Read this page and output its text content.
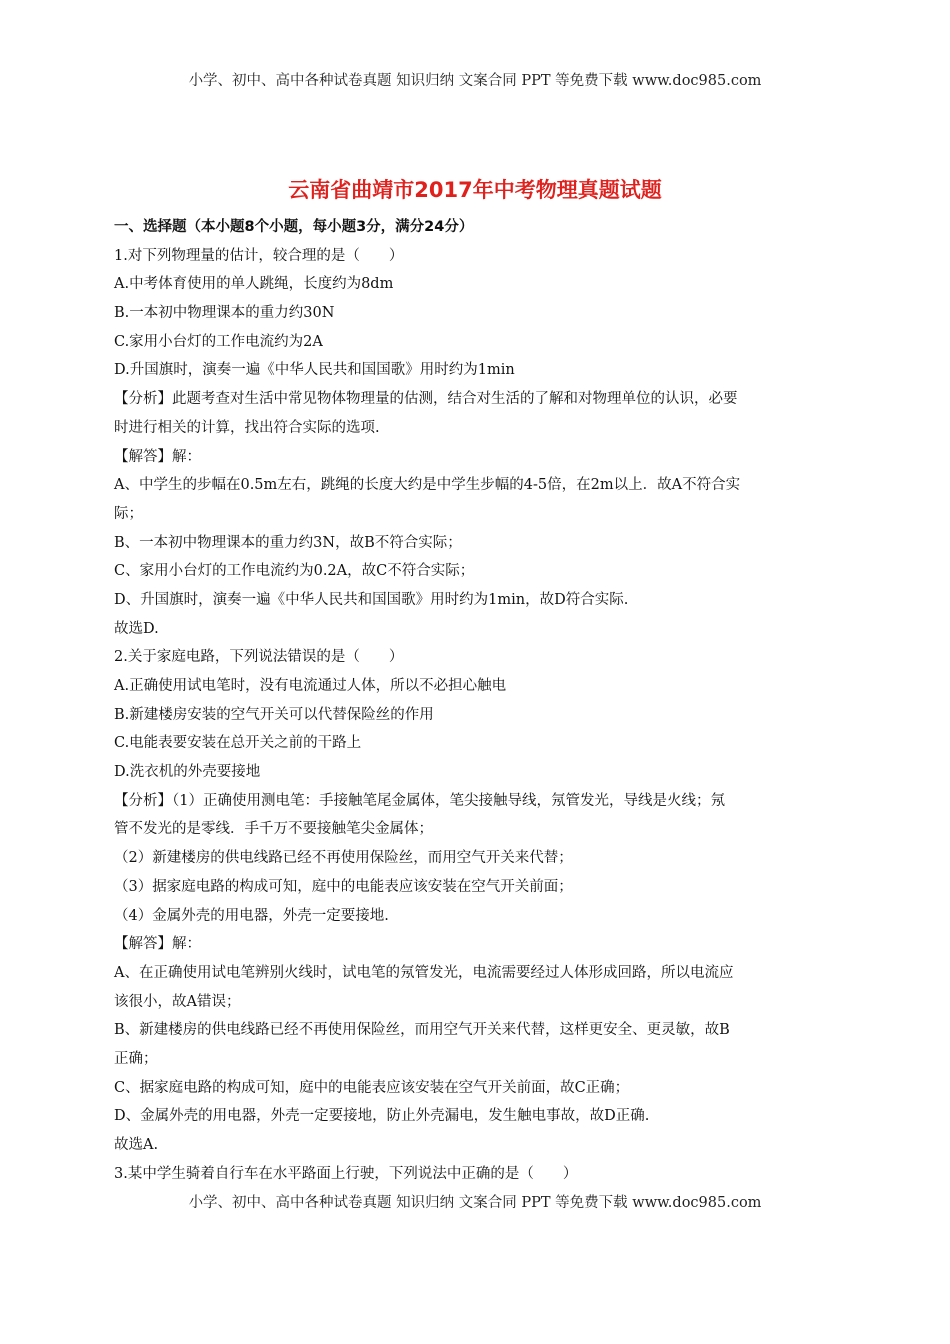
小学、初中、高中各种试卷真题 知识归纳 文案合同 PPT 等免费下载 www.doc985.com
云南省曲靖市2017年中考物理真题试题
一、选择题（本小题8个小题，每小题3分，满分24分）
1.对下列物理量的估计，较合理的是（　　）
A.中考体育使用的单人跳绳，长度约为8dm
B.一本初中物理课本的重力约30N
C.家用小台灯的工作电流约为2A
D.升国旗时，演奏一遍《中华人民共和国国歌》用时约为1min
【分析】此题考查对生活中常见物体物理量的估测，结合对生活的了解和对物理单位的认识，必要
时进行相关的计算，找出符合实际的选项.
【解答】解：
A、中学生的步幅在0.5m左右，跳绳的长度大约是中学生步幅的4-5倍，在2m以上．故A不符合实
际；
B、一本初中物理课本的重力约3N，故B不符合实际；
C、家用小台灯的工作电流约为0.2A，故C不符合实际；
D、升国旗时，演奏一遍《中华人民共和国国歌》用时约为1min，故D符合实际.
故选D.
2.关于家庭电路，下列说法错误的是（　　）
A.正确使用试电笔时，没有电流通过人体，所以不必担心触电
B.新建楼房安装的空气开关可以代替保险丝的作用
C.电能表要安装在总开关之前的干路上
D.洗衣机的外壳要接地
【分析】（1）正确使用测电笔：手接触笔尾金属体，笔尖接触导线，氖管发光，导线是火线；氖
管不发光的是零线．手千万不要接触笔尖金属体；
（2）新建楼房的供电线路已经不再使用保险丝，而用空气开关来代替；
（3）据家庭电路的构成可知，庭中的电能表应该安装在空气开关前面；
（4）金属外壳的用电器，外壳一定要接地.
【解答】解：
A、在正确使用试电笔辨别火线时，试电笔的氖管发光，电流需要经过人体形成回路，所以电流应
该很小，故A错误；
B、新建楼房的供电线路已经不再使用保险丝，而用空气开关来代替，这样更安全、更灵敏，故B
正确；
C、据家庭电路的构成可知，庭中的电能表应该安装在空气开关前面，故C正确；
D、金属外壳的用电器，外壳一定要接地，防止外壳漏电，发生触电事故，故D正确.
故选A.
3.某中学生骑着自行车在水平路面上行驶，下列说法中正确的是（　　）
小学、初中、高中各种试卷真题 知识归纳 文案合同 PPT 等免费下载 www.doc985.com
